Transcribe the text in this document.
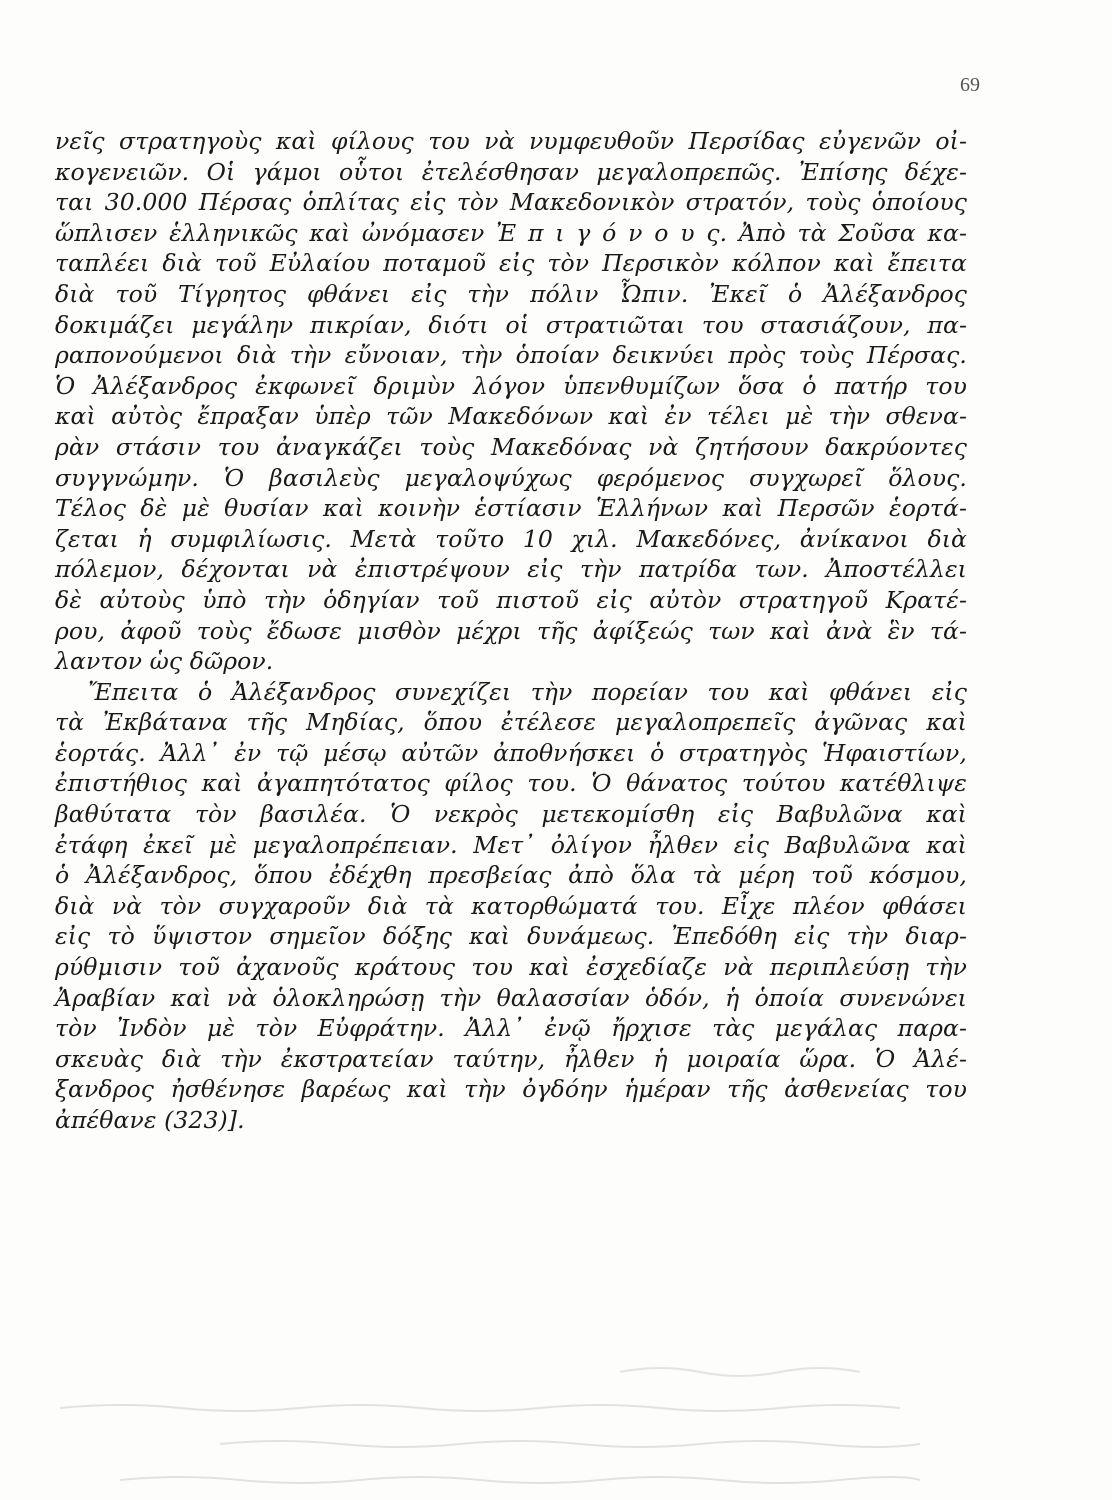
69
νεῖς στρατηγοὺς καὶ φίλους του νὰ νυμφευθοῦν Περσίδας εὐγενῶν οἰ-
κογενειῶν. Οἱ γάμοι οὗτοι ἐτελέσθησαν μεγαλοπρεπῶς. Ἐπίσης δέχε-
ται 30.000 Πέρσας ὁπλίτας εἰς τὸν Μακεδονικὸν στρατόν, τοὺς ὁποίους
ὥπλισεν ἑλληνικῶς καὶ ὠνόμασεν Ἐ π ι γ ό ν ο υ ς. Ἀπὸ τὰ Σοῦσα κα-
ταπλέει διὰ τοῦ Εὐλαίου ποταμοῦ εἰς τὸν Περσικὸν κόλπον καὶ ἔπειτα
διὰ τοῦ Τίγρητος φθάνει εἰς τὴν πόλιν Ὦπιν. Ἐκεῖ ὁ Ἀλέξανδρος
δοκιμάζει μεγάλην πικρίαν, διότι οἱ στρατιῶται του στασιάζουν, πα-
ραπονούμενοι διὰ τὴν εὔνοιαν, τὴν ὁποίαν δεικνύει πρὸς τοὺς Πέρσας.
Ὁ Ἀλέξανδρος ἐκφωνεῖ δριμὺν λόγον ὑπενθυμίζων ὅσα ὁ πατήρ του
καὶ αὐτὸς ἔπραξαν ὑπὲρ τῶν Μακεδόνων καὶ ἐν τέλει μὲ τὴν σθενα-
ρὰν στάσιν του ἀναγκάζει τοὺς Μακεδόνας νὰ ζητήσουν δακρύοντες
συγγνώμην. Ὁ βασιλεὺς μεγαλοψύχως φερόμενος συγχωρεῖ ὅλους.
Τέλος δὲ μὲ θυσίαν καὶ κοινὴν ἑστίασιν Ἑλλήνων καὶ Περσῶν ἑορτά-
ζεται ἡ συμφιλίωσις. Μετὰ τοῦτο 10 χιλ. Μακεδόνες, ἀνίκανοι διὰ
πόλεμον, δέχονται νὰ ἐπιστρέψουν εἰς τὴν πατρίδα των. Ἀποστέλλει
δὲ αὐτοὺς ὑπὸ τὴν ὁδηγίαν τοῦ πιστοῦ εἰς αὐτὸν στρατηγοῦ Κρατέ-
ρου, ἀφοῦ τοὺς ἔδωσε μισθὸν μέχρι τῆς ἀφίξεώς των καὶ ἀνὰ ἓν τά-
λαντον ὡς δῶρον.
Ἔπειτα ὁ Ἀλέξανδρος συνεχίζει τὴν πορείαν του καὶ φθάνει εἰς
τὰ Ἐκβάτανα τῆς Μηδίας, ὅπου ἐτέλεσε μεγαλοπρεπεῖς ἀγῶνας καὶ
ἑορτάς. Ἀλλ᾽ ἐν τῷ μέσῳ αὐτῶν ἀποθνήσκει ὁ στρατηγὸς Ἡφαιστίων,
ἐπιστήθιος καὶ ἀγαπητότατος φίλος του. Ὁ θάνατος τούτου κατέθλιψε
βαθύτατα τὸν βασιλέα. Ὁ νεκρὸς μετεκομίσθη εἰς Βαβυλῶνα καὶ
ἐτάφη ἐκεῖ μὲ μεγαλοπρέπειαν. Μετ᾽ ὀλίγον ἦλθεν εἰς Βαβυλῶνα καὶ
ὁ Ἀλέξανδρος, ὅπου ἐδέχθη πρεσβείας ἀπὸ ὅλα τὰ μέρη τοῦ κόσμου,
διὰ νὰ τὸν συγχαροῦν διὰ τὰ κατορθώματά του. Εἶχε πλέον φθάσει
εἰς τὸ ὕψιστον σημεῖον δόξης καὶ δυνάμεως. Ἐπεδόθη εἰς τὴν διαρ-
ρύθμισιν τοῦ ἀχανοῦς κράτους του καὶ ἐσχεδίαζε νὰ περιπλεύσῃ τὴν
Ἀραβίαν καὶ νὰ ὁλοκληρώσῃ τὴν θαλασσίαν ὁδόν, ἡ ὁποία συνενώνει
τὸν Ἰνδὸν μὲ τὸν Εὐφράτην. Ἀλλ᾽ ἐνῷ ἤρχισε τὰς μεγάλας παρα-
σκευὰς διὰ τὴν ἐκστρατείαν ταύτην, ἦλθεν ἡ μοιραία ὥρα. Ὁ Ἀλέ-
ξανδρος ἠσθένησε βαρέως καὶ τὴν ὀγδόην ἡμέραν τῆς ἀσθενείας του
ἀπέθανε (323)].
